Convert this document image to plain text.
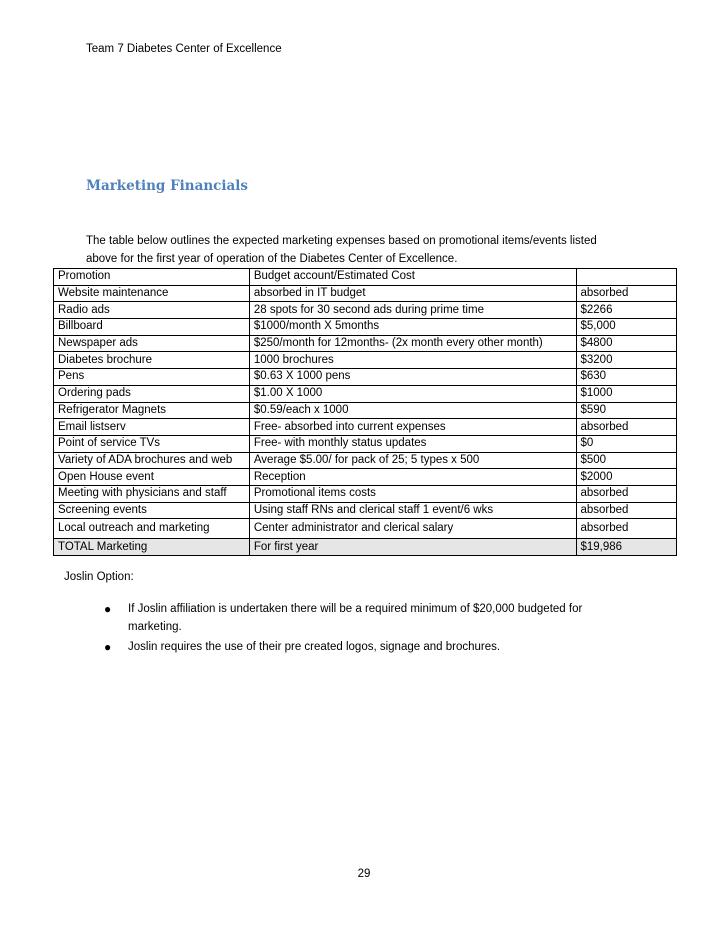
Team 7 Diabetes Center of Excellence
Marketing Financials

The table below outlines the expected marketing expenses based on promotional items/events listed

above for the first year of operation of the Diabetes Center of Excellence.

Promotion	Budget account/Estimated Cost	
Website maintenance	absorbed in IT budget	absorbed
Radio ads	28 spots for 30 second ads during prime time	$2266
Billboard	$1000/month X 5months	$5,000
Newspaper ads	$250/month for 12months- (2x month every other month)	$4800
Diabetes brochure	1000 brochures	$3200
Pens	$0.63 X 1000 pens	$630
Ordering pads	$1.00 X 1000	$1000
Refrigerator Magnets	$0.59/each x 1000	$590
Email listserv	Free- absorbed into current expenses	absorbed
Point of service TVs	Free- with monthly status updates	$0
Variety of ADA brochures and web	Average $5.00/ for pack of 25; 5 types x 500	$500
Open House event	Reception	$2000
Meeting with physicians and staff	Promotional items costs	absorbed
Screening events	Using staff RNs and clerical staff 1 event/6 wks	absorbed
Local outreach and marketing	Center administrator and clerical salary	absorbed
TOTAL Marketing	For first year	$19,986
Joslin Option:
● If Joslin affiliation is undertaken there will be a required minimum of $20,000 budgeted for marketing.
● Joslin requires the use of their pre created logos, signage and brochures.
29
